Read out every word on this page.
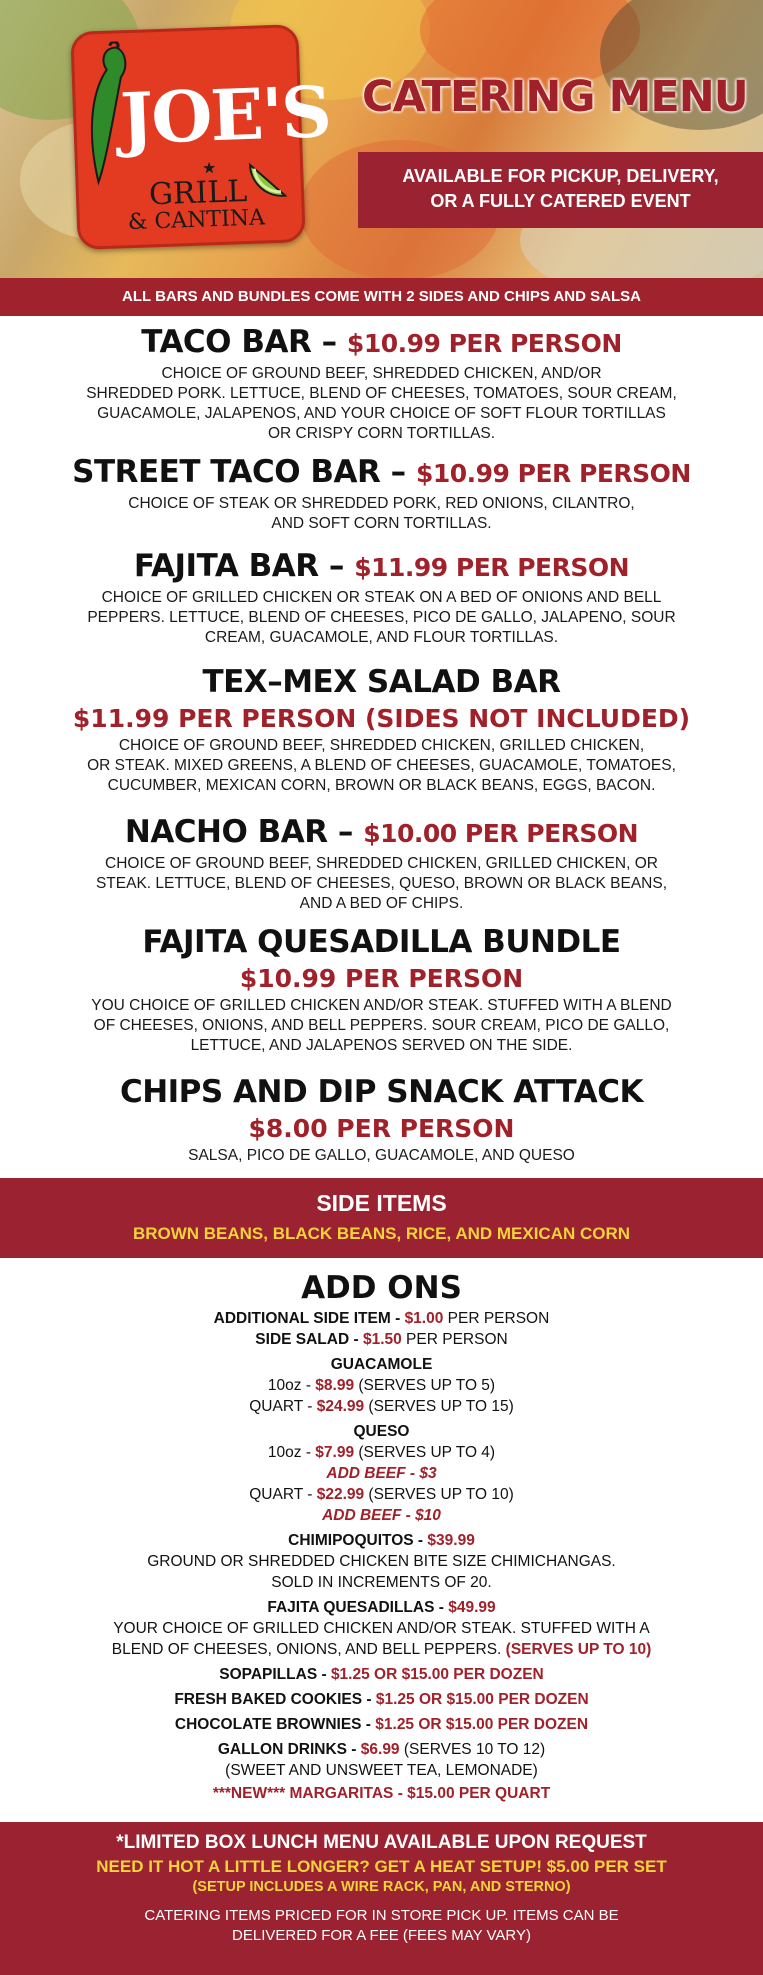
JOE'S
★
GRILL
& CANTINA
CATERING MENU
AVAILABLE FOR PICKUP, DELIVERY,
OR A FULLY CATERED EVENT
ALL BARS AND BUNDLES COME WITH 2 SIDES AND CHIPS AND SALSA
TACO BAR – $10.99 PER PERSON
CHOICE OF GROUND BEEF, SHREDDED CHICKEN, AND/OR
SHREDDED PORK. LETTUCE, BLEND OF CHEESES, TOMATOES, SOUR CREAM,
GUACAMOLE, JALAPENOS, AND YOUR CHOICE OF SOFT FLOUR TORTILLAS
OR CRISPY CORN TORTILLAS.
STREET TACO BAR – $10.99 PER PERSON
CHOICE OF STEAK OR SHREDDED PORK, RED ONIONS, CILANTRO,
AND SOFT CORN TORTILLAS.
FAJITA BAR – $11.99 PER PERSON
CHOICE OF GRILLED CHICKEN OR STEAK ON A BED OF ONIONS AND BELL
PEPPERS. LETTUCE, BLEND OF CHEESES, PICO DE GALLO, JALAPENO, SOUR
CREAM, GUACAMOLE, AND FLOUR TORTILLAS.
TEX–MEX SALAD BAR
$11.99 PER PERSON (SIDES NOT INCLUDED)
CHOICE OF GROUND BEEF, SHREDDED CHICKEN, GRILLED CHICKEN,
OR STEAK. MIXED GREENS, A BLEND OF CHEESES, GUACAMOLE, TOMATOES,
CUCUMBER, MEXICAN CORN, BROWN OR BLACK BEANS, EGGS, BACON.
NACHO BAR – $10.00 PER PERSON
CHOICE OF GROUND BEEF, SHREDDED CHICKEN, GRILLED CHICKEN, OR
STEAK. LETTUCE, BLEND OF CHEESES, QUESO, BROWN OR BLACK BEANS,
AND A BED OF CHIPS.
FAJITA QUESADILLA BUNDLE
$10.99 PER PERSON
YOU CHOICE OF GRILLED CHICKEN AND/OR STEAK. STUFFED WITH A BLEND
OF CHEESES, ONIONS, AND BELL PEPPERS. SOUR CREAM, PICO DE GALLO,
LETTUCE, AND JALAPENOS SERVED ON THE SIDE.
CHIPS AND DIP SNACK ATTACK
$8.00 PER PERSON
SALSA, PICO DE GALLO, GUACAMOLE, AND QUESO
SIDE ITEMS
BROWN BEANS, BLACK BEANS, RICE, AND MEXICAN CORN
ADD ONS
ADDITIONAL SIDE ITEM - $1.00 PER PERSON
SIDE SALAD - $1.50 PER PERSON
GUACAMOLE
10oz - $8.99 (SERVES UP TO 5)
QUART - $24.99 (SERVES UP TO 15)
QUESO
10oz - $7.99 (SERVES UP TO 4)
ADD BEEF - $3
QUART - $22.99 (SERVES UP TO 10)
ADD BEEF - $10
CHIMIPOQUITOS - $39.99
GROUND OR SHREDDED CHICKEN BITE SIZE CHIMICHANGAS.
SOLD IN INCREMENTS OF 20.
FAJITA QUESADILLAS - $49.99
YOUR CHOICE OF GRILLED CHICKEN AND/OR STEAK. STUFFED WITH A
BLEND OF CHEESES, ONIONS, AND BELL PEPPERS. (SERVES UP TO 10)
SOPAPILLAS - $1.25 OR $15.00 PER DOZEN
FRESH BAKED COOKIES - $1.25 OR $15.00 PER DOZEN
CHOCOLATE BROWNIES - $1.25 OR $15.00 PER DOZEN
GALLON DRINKS - $6.99 (SERVES 10 TO 12)
(SWEET AND UNSWEET TEA, LEMONADE)
***NEW*** MARGARITAS - $15.00 PER QUART
*LIMITED BOX LUNCH MENU AVAILABLE UPON REQUEST
NEED IT HOT A LITTLE LONGER? GET A HEAT SETUP! $5.00 PER SET
(SETUP INCLUDES A WIRE RACK, PAN, AND STERNO)
CATERING ITEMS PRICED FOR IN STORE PICK UP. ITEMS CAN BE
DELIVERED FOR A FEE (FEES MAY VARY)
